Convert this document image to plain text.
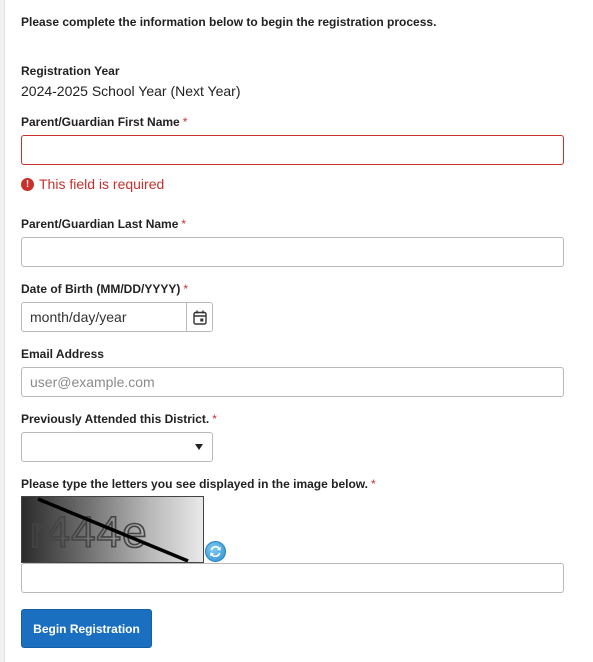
Please complete the information below to begin the registration process.
Registration Year
2024-2025 School Year (Next Year)
Parent/Guardian First Name *
! This field is required
Parent/Guardian Last Name *
Date of Birth (MM/DD/YYYY) *
month/day/year
Email Address
user@example.com
Previously Attended this District. *
Please type the letters you see displayed in the image below. *
r444e
Begin Registration
